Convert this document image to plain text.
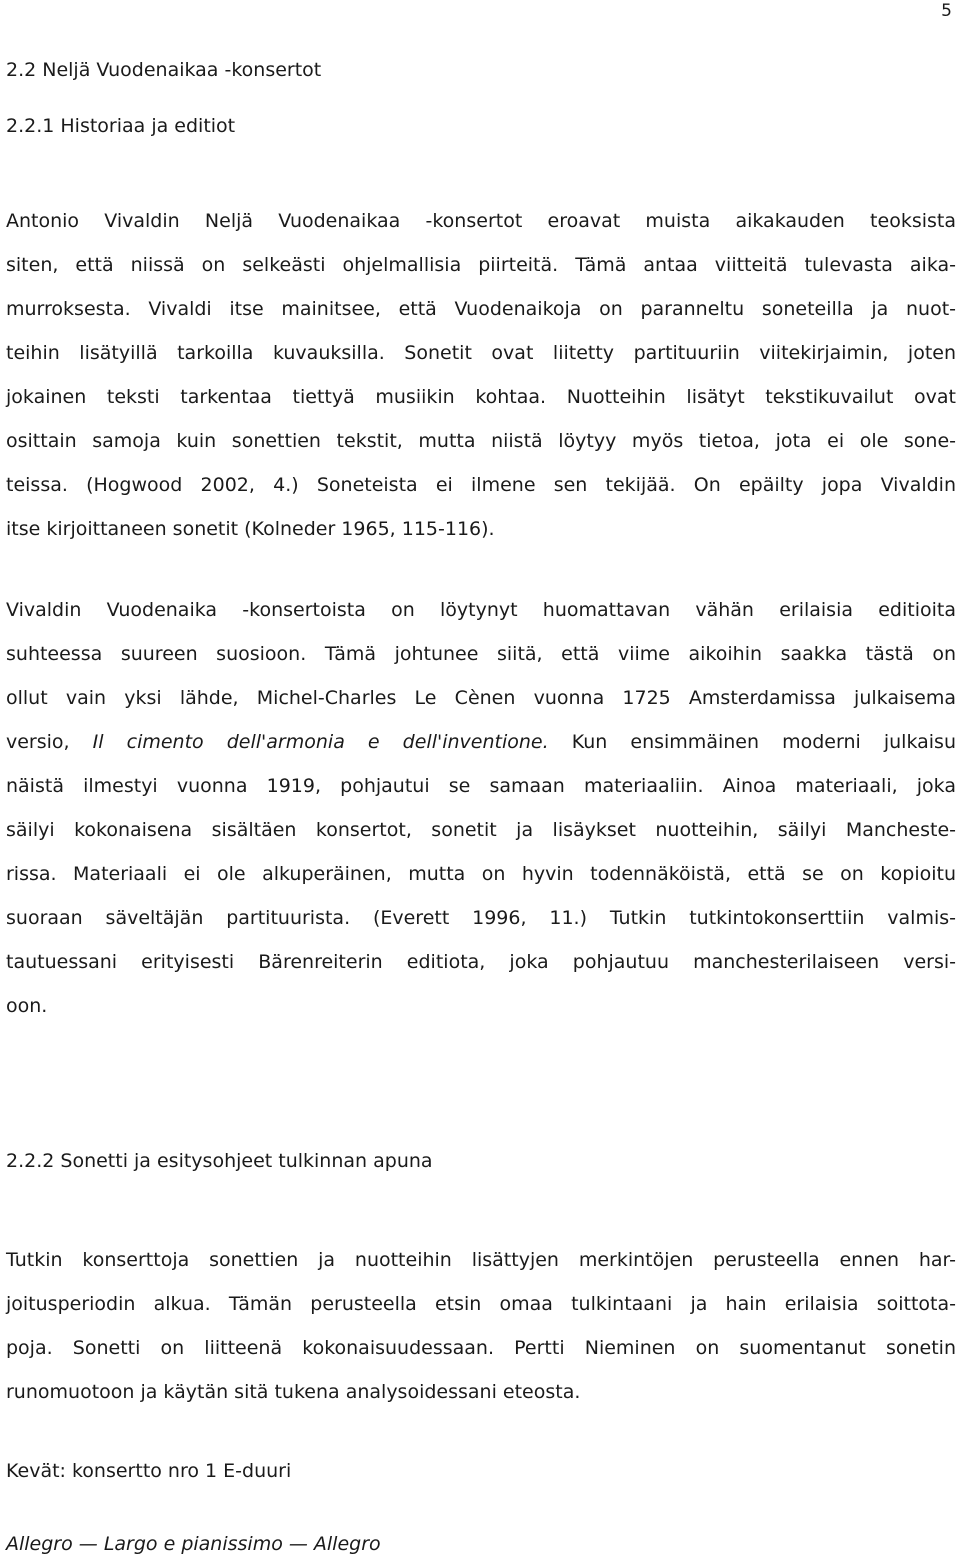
5
2.2 Neljä Vuodenaikaa -konsertot
2.2.1 Historiaa ja editiot
Antonio Vivaldin Neljä Vuodenaikaa -konsertot eroavat muista aikakauden teoksista
siten, että niissä on selkeästi ohjelmallisia piirteitä. Tämä antaa viitteitä tulevasta aika-
murroksesta. Vivaldi itse mainitsee, että Vuodenaikoja on paranneltu soneteilla ja nuot-
teihin lisätyillä tarkoilla kuvauksilla. Sonetit ovat liitetty partituuriin viitekirjaimin, joten
jokainen teksti tarkentaa tiettyä musiikin kohtaa. Nuotteihin lisätyt tekstikuvailut ovat
osittain samoja kuin sonettien tekstit, mutta niistä löytyy myös tietoa, jota ei ole sone-
teissa. (Hogwood 2002, 4.) Soneteista ei ilmene sen tekijää. On epäilty jopa Vivaldin
itse kirjoittaneen sonetit (Kolneder 1965, 115-116).
Vivaldin Vuodenaika -konsertoista on löytynyt huomattavan vähän erilaisia editioita
suhteessa suureen suosioon. Tämä johtunee siitä, että viime aikoihin saakka tästä on
ollut vain yksi lähde, Michel-Charles Le Cènen vuonna 1725 Amsterdamissa julkaisema
versio, Il cimento dell'armonia e dell'inventione. Kun ensimmäinen moderni julkaisu
näistä ilmestyi vuonna 1919, pohjautui se samaan materiaaliin. Ainoa materiaali, joka
säilyi kokonaisena sisältäen konsertot, sonetit ja lisäykset nuotteihin, säilyi Mancheste-
rissa. Materiaali ei ole alkuperäinen, mutta on hyvin todennäköistä, että se on kopioitu
suoraan säveltäjän partituurista. (Everett 1996, 11.) Tutkin tutkintokonserttiin valmis-
tautuessani erityisesti Bärenreiterin editiota, joka pohjautuu manchesterilaiseen versi-
oon.
2.2.2 Sonetti ja esitysohjeet tulkinnan apuna
Tutkin konserttoja sonettien ja nuotteihin lisättyjen merkintöjen perusteella ennen har-
joitusperiodin alkua. Tämän perusteella etsin omaa tulkintaani ja hain erilaisia soittota-
poja. Sonetti on liitteenä kokonaisuudessaan. Pertti Nieminen on suomentanut sonetin
runomuotoon ja käytän sitä tukena analysoidessani eteosta.
Kevät: konsertto nro 1 E-duuri
Allegro — Largo e pianissimo — Allegro
